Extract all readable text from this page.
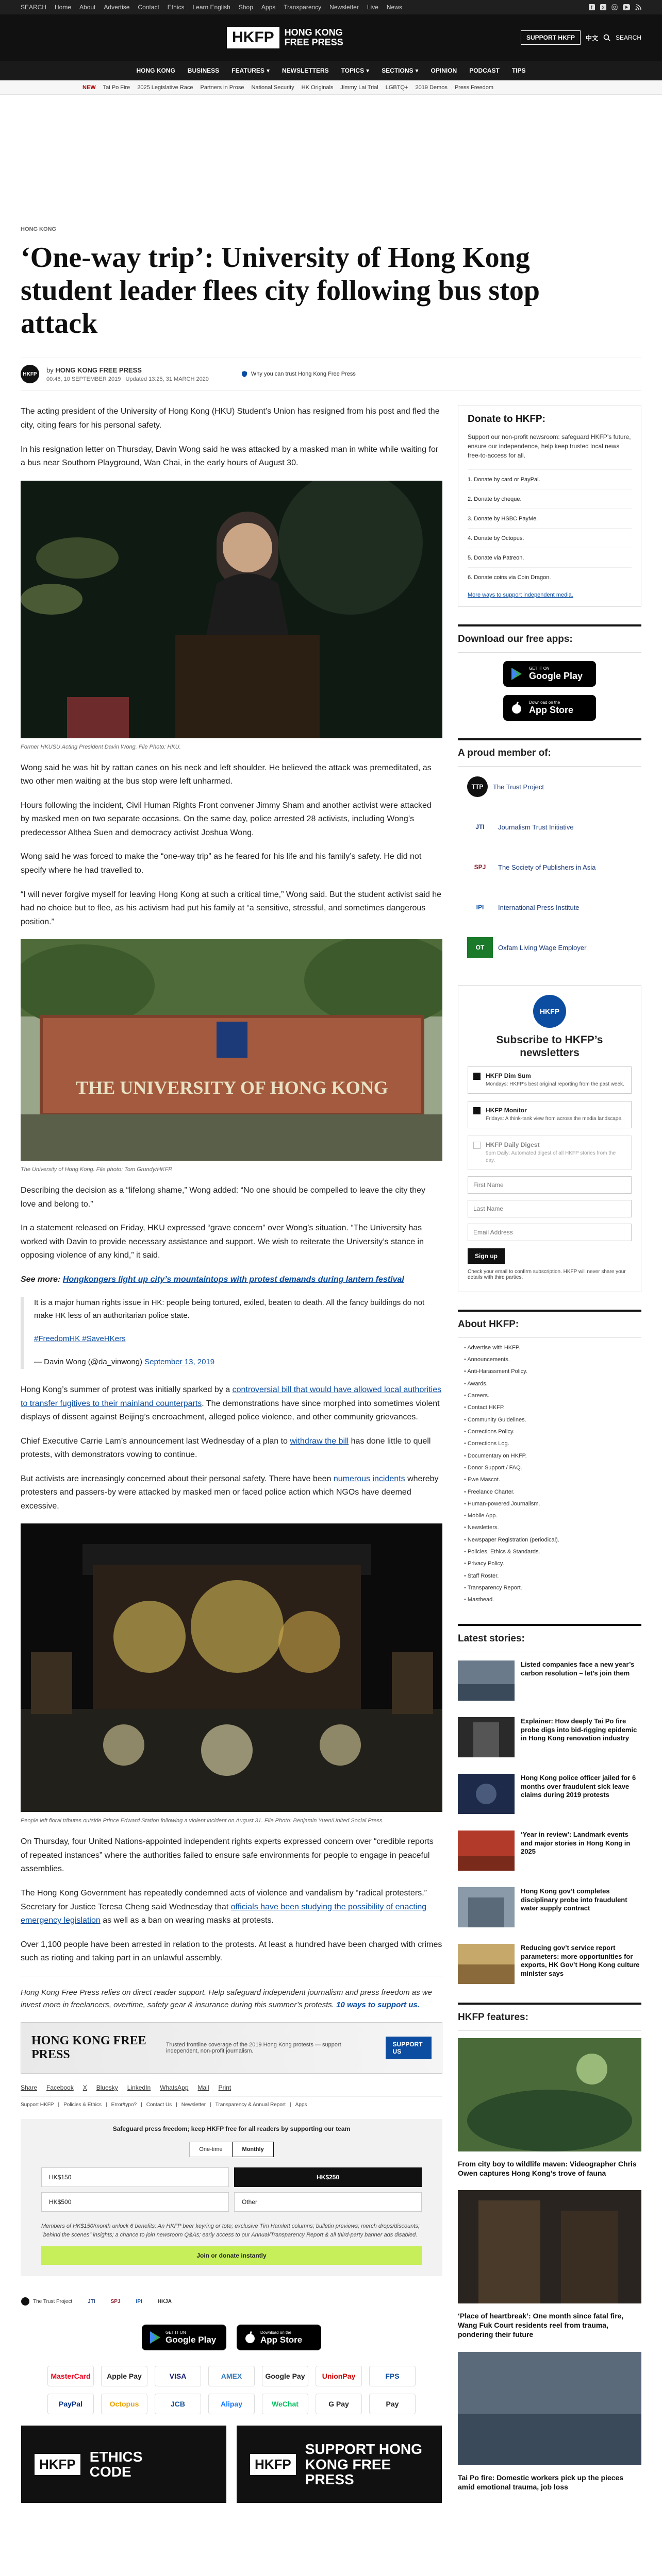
SEARCH Home About Advertise Contact Ethics Learn English Shop Apps Transparency Newsletter Live News	f X
HKFP	HONG KONG
FREE PRESS	SUPPORT HKFP	中文	SEARCH
HONG KONG BUSINESS FEATURES ▾ NEWSLETTERS TOPICS ▾ SECTIONS ▾ OPINION PODCAST TIPS
NEW Tai Po Fire 2025 Legislative Race Partners in Prose National Security HK Originals Jimmy Lai Trial LGBTQ+ 2019 Demos Press Freedom
HONG KONG
‘One-way trip’: University of Hong Kong student leader flees city following bus stop attack
HKFP
by HONG KONG FREE PRESS
00:46, 10 SEPTEMBER 2019 Updated 13:25, 31 MARCH 2020
Why you can trust Hong Kong Free Press

The acting president of the University of Hong Kong (HKU) Student’s Union has resigned from his post and fled the city, citing fears for his personal safety.

In his resignation letter on Thursday, Davin Wong said he was attacked by a masked man in white while waiting for a bus near Southorn Playground, Wan Chai, in the early hours of August 30.

Former HKUSU Acting President Davin Wong. File Photo: HKU.

Wong said he was hit by rattan canes on his neck and left shoulder. He believed the attack was premeditated, as two other men waiting at the bus stop were left unharmed.

Hours following the incident, Civil Human Rights Front convener Jimmy Sham and another activist were attacked by masked men on two separate occasions. On the same day, police arrested 28 activists, including Wong’s predecessor Althea Suen and democracy activist Joshua Wong.

Wong said he was forced to make the “one-way trip” as he feared for his life and his family’s safety. He did not specify where he had travelled to.

“I will never forgive myself for leaving Hong Kong at such a critical time,” Wong said. But the student activist said he had no choice but to flee, as his activism had put his family at “a sensitive, stressful, and sometimes dangerous position.”

THE UNIVERSITY OF HONG KONG
The University of Hong Kong. File photo: Tom Grundy/HKFP.

Describing the decision as a “lifelong shame,” Wong added: “No one should be compelled to leave the city they love and belong to.”

In a statement released on Friday, HKU expressed “grave concern” over Wong’s situation. “The University has worked with Davin to provide necessary assistance and support. We wish to reiterate the University’s stance in opposing violence of any kind,” it said.

See more: Hongkongers light up city’s mountaintops with protest demands during lantern festival

It is a major human rights issue in HK: people being tortured, exiled, beaten to death. All the fancy buildings do not make HK less of an authoritarian police state.

#FreedomHK #SaveHKers

— Davin Wong (@da_vinwong) September 13, 2019

Hong Kong’s summer of protest was initially sparked by a controversial bill that would have allowed local authorities to transfer fugitives to their mainland counterparts. The demonstrations have since morphed into sometimes violent displays of dissent against Beijing’s encroachment, alleged police violence, and other community grievances.

Chief Executive Carrie Lam’s announcement last Wednesday of a plan to withdraw the bill has done little to quell protests, with demonstrators vowing to continue.

But activists are increasingly concerned about their personal safety. There have been numerous incidents whereby protesters and passers-by were attacked by masked men or faced police action which NGOs have deemed excessive.

People left floral tributes outside Prince Edward Station following a violent incident on August 31. File Photo: Benjamin Yuen/United Social Press.

On Thursday, four United Nations-appointed independent rights experts expressed concern over “credible reports of repeated instances” where the authorities failed to ensure safe environments for people to engage in peaceful assemblies.

The Hong Kong Government has repeatedly condemned acts of violence and vandalism by “radical protesters.” Secretary for Justice Teresa Cheng said Wednesday that officials have been studying the possibility of enacting emergency legislation as well as a ban on wearing masks at protests.

Over 1,100 people have been arrested in relation to the protests. At least a hundred have been charged with crimes such as rioting and taking part in an unlawful assembly.

Hong Kong Free Press relies on direct reader support. Help safeguard independent journalism and press freedom as we invest more in freelancers, overtime, safety gear & insurance during this summer’s protests. 10 ways to support us.

HONG KONG FREE PRESS
Trusted frontline coverage of the 2019 Hong Kong protests — support independent, non-profit journalism.
SUPPORT US
Share Facebook X Bluesky LinkedIn WhatsApp Mail Print
Support HKFP | Policies & Ethics | Error/typo? | Contact Us | Newsletter | Transparency & Annual Report | Apps
Safeguard press freedom; keep HKFP free for all readers by supporting our team
One-time	Monthly
HK$150	HK$250
HK$500	Other
Members of HK$150/month unlock 6 benefits: An HKFP beer keyring or tote; exclusive Tim Hamlett columns; bulletin previews; merch drops/discounts; "behind the scenes" insights; a chance to join newsroom Q&As; early access to our Annual/Transparency Report & all third-party banner ads disabled.
Join or donate instantly
The Trust Project	JTI	SPJ	IPI	HKJA
GET IT ON
Google Play
Download on the
App Store
MasterCard	Apple Pay	VISA	AMEX	Google Pay	UnionPay	FPS
PayPal	Octopus	JCB	Alipay	WeChat	G Pay	Pay
HKFP ETHICS
CODE	HKFP
SUPPORT HONG
KONG FREE PRESS
Donate to HKFP:
Support our non-profit newsroom: safeguard HKFP’s future, ensure our independence, help keep trusted local news free-to-access for all.
1. Donate by card or PayPal.
2. Donate by cheque.
3. Donate by HSBC PayMe.
4. Donate by Octopus.
5. Donate via Patreon.
6. Donate coins via Coin Dragon.
More ways to support independent media.
Download our free apps:
GET IT ON
Google Play
Download on the
App Store
A proud member of:
TTP	The Trust Project
JTI	Journalism Trust Initiative
SPJ	The Society of Publishers in Asia
IPI	International Press Institute
OT	Oxfam Living Wage Employer
HKFP
Subscribe to HKFP’s newsletters
HKFP Dim Sum
Mondays: HKFP’s best original reporting from the past week.
HKFP Monitor
Fridays: A think-tank view from across the media landscape.
HKFP Daily Digest
9pm Daily: Automated digest of all HKFP stories from the day.
First Name
Last Name
Email Address
Sign up
Check your email to confirm subscription. HKFP will never share your details with third parties.
About HKFP:
• Advertise with HKFP.
• Announcements.
• Anti-Harassment Policy.
• Awards.
• Careers.
• Contact HKFP.
• Community Guidelines.
• Corrections Policy.
• Corrections Log.
• Documentary on HKFP.
• Donor Support / FAQ.
• Ewe Mascot.
• Freelance Charter.
• Human-powered Journalism.
• Mobile App.
• Newsletters.
• Newspaper Registration (periodical).
• Policies, Ethics & Standards.
• Privacy Policy.
• Staff Roster.
• Transparency Report.
• Masthead.
Latest stories:
Listed companies face a new year’s carbon resolution – let’s join them
Explainer: How deeply Tai Po fire probe digs into bid-rigging epidemic in Hong Kong renovation industry
Hong Kong police officer jailed for 6 months over fraudulent sick leave claims during 2019 protests
‘Year in review’: Landmark events and major stories in Hong Kong in 2025
Hong Kong gov’t completes disciplinary probe into fraudulent water supply contract
Reducing gov’t service report parameters: more opportunities for exports, HK Gov’t Hong Kong culture minister says
HKFP features:
From city boy to wildlife maven: Videographer Chris Owen captures Hong Kong’s trove of fauna
‘Place of heartbreak’: One month since fatal fire, Wang Fuk Court residents reel from trauma, pondering their future
Tai Po fire: Domestic workers pick up the pieces amid emotional trauma, job loss
